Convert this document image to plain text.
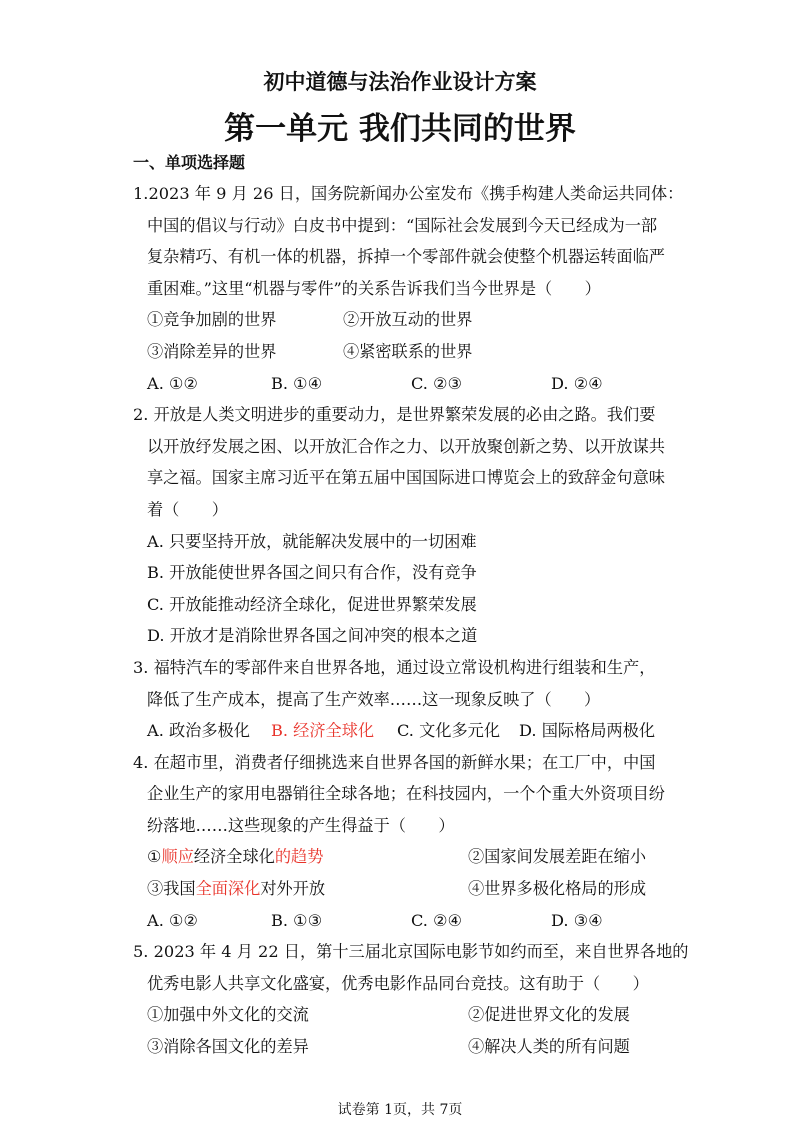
初中道德与法治作业设计方案
第一单元 我们共同的世界
一、单项选择题
1.2023 年 9 月 26 日，国务院新闻办公室发布《携手构建人类命运共同体：
中国的倡议与行动》白皮书中提到：“国际社会发展到今天已经成为一部
复杂精巧、有机一体的机器，拆掉一个零部件就会使整个机器运转面临严
重困难。”这里“机器与零件”的关系告诉我们当今世界是（　　）
①竞争加剧的世界	②开放互动的世界
③消除差异的世界	④紧密联系的世界
A. ①②	B. ①④	C. ②③	D. ②④
2. 开放是人类文明进步的重要动力，是世界繁荣发展的必由之路。我们要
以开放纾发展之困、以开放汇合作之力、以开放聚创新之势、以开放谋共
享之福。国家主席习近平在第五届中国国际进口博览会上的致辞金句意味
着（　　）
A. 只要坚持开放，就能解决发展中的一切困难
B. 开放能使世界各国之间只有合作，没有竞争
C. 开放能推动经济全球化，促进世界繁荣发展
D. 开放才是消除世界各国之间冲突的根本之道
3. 福特汽车的零部件来自世界各地，通过设立常设机构进行组装和生产，
降低了生产成本，提高了生产效率……这一现象反映了（　　）
A. 政治多极化	B. 经济全球化	C. 文化多元化	D. 国际格局两极化
4. 在超市里，消费者仔细挑选来自世界各国的新鲜水果；在工厂中，中国
企业生产的家用电器销往全球各地；在科技园内，一个个重大外资项目纷
纷落地……这些现象的产生得益于（　　）
①顺应经济全球化的趋势	②国家间发展差距在缩小
③我国全面深化对外开放	④世界多极化格局的形成
A. ①②	B. ①③	C. ②④	D. ③④
5. 2023 年 4 月 22 日，第十三届北京国际电影节如约而至，来自世界各地的
优秀电影人共享文化盛宴，优秀电影作品同台竞技。这有助于（　　）
①加强中外文化的交流	②促进世界文化的发展
③消除各国文化的差异	④解决人类的所有问题
试卷第 1页，共 7页
